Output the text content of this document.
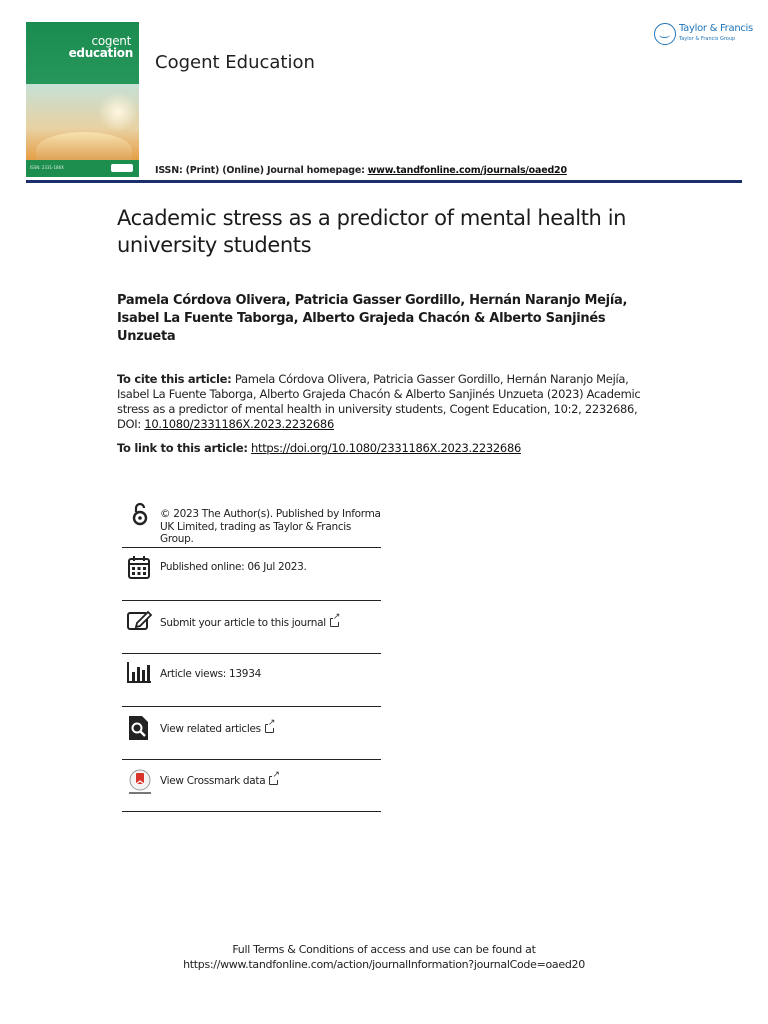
cogent
education
ISSN: 2331-186X
Cogent Education
Taylor & Francis
Taylor & Francis Group
ISSN: (Print) (Online) Journal homepage: www.tandfonline.com/journals/oaed20
Academic stress as a predictor of mental health in university students
Pamela Córdova Olivera, Patricia Gasser Gordillo, Hernán Naranjo Mejía, Isabel La Fuente Taborga, Alberto Grajeda Chacón & Alberto Sanjinés Unzueta
To cite this article: Pamela Córdova Olivera, Patricia Gasser Gordillo, Hernán Naranjo Mejía, Isabel La Fuente Taborga, Alberto Grajeda Chacón & Alberto Sanjinés Unzueta (2023) Academic stress as a predictor of mental health in university students, Cogent Education, 10:2, 2232686, DOI: 10.1080/2331186X.2023.2232686
To link to this article: https://doi.org/10.1080/2331186X.2023.2232686
© 2023 The Author(s). Published by Informa UK Limited, trading as Taylor & Francis Group.
Published online: 06 Jul 2023.
Submit your article to this journal↗
Article views: 13934
View related articles↗
View Crossmark data↗
Full Terms & Conditions of access and use can be found at
https://www.tandfonline.com/action/journalInformation?journalCode=oaed20
